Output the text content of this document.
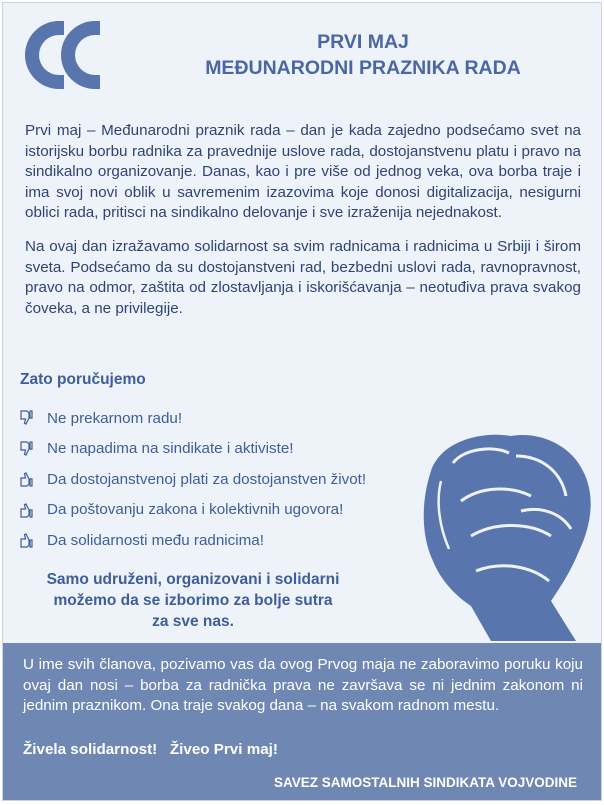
PRVI MAJ
MEĐUNARODNI PRAZNIKA RADA

Prvi maj – Međunarodni praznik rada – dan je kada zajedno podsećamo svet na istorijsku borbu radnika za pravednije uslove rada, dostojanstvenu platu i pravo na sindikalno organizovanje. Danas, kao i pre više od jednog veka, ova borba traje i ima svoj novi oblik u savremenim izazovima koje donosi digitalizacija, nesigurni oblici rada, pritisci na sindikalno delovanje i sve izraženija nejednakost.

Na ovaj dan izražavamo solidarnost sa svim radnicama i radnicima u Srbiji i širom sveta. Podsećamo da su dostojanstveni rad, bezbedni uslovi rada, ravnopravnost, pravo na odmor, zaštita od zlostavljanja i iskorišćavanja – neotuđiva prava svakog čoveka, a ne privilegije.

Zato poručujemo
Ne prekarnom radu!
Ne napadima na sindikate i aktiviste!
Da dostojanstvenoj plati za dostojanstven život!
Da poštovanju zakona i kolektivnih ugovora!
Da solidarnosti među radnicima!
Samo udruženi, organizovani i solidarni
možemo da se izborimo za bolje sutra
za sve nas.

U ime svih članova, pozivamo vas da ovog Prvog maja ne zaboravimo poruku koju ovaj dan nosi – borba za radnička prava ne završava se ni jednim zakonom ni jednim praznikom. Ona traje svakog dana – na svakom radnom mestu.

Živela solidarnost! Živeo Prvi maj!
SAVEZ SAMOSTALNIH SINDIKATA VOJVODINE
